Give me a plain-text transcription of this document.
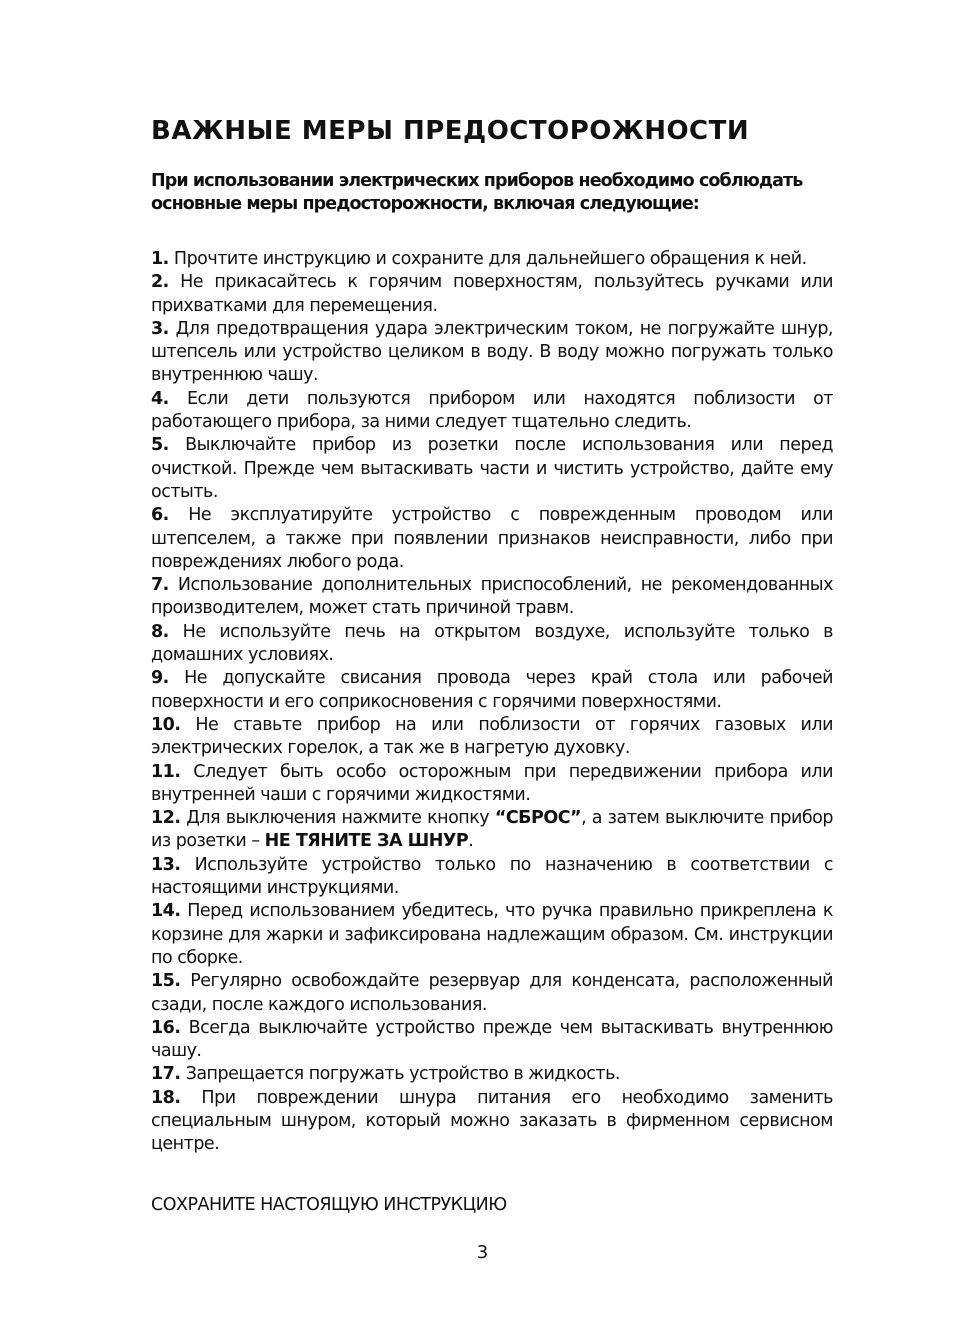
ВАЖНЫЕ МЕРЫ ПРЕДОСТОРОЖНОСТИ

При использовании электрических приборов необходимо соблюдать основные меры предосторожности, включая следующие:

1. Прочтите инструкцию и сохраните для дальнейшего обращения к ней.

2. Не прикасайтесь к горячим поверхностям, пользуйтесь ручками или прихватками для перемещения.

3. Для предотвращения удара электрическим током, не погружайте шнур, штепсель или устройство целиком в воду. В воду можно погружать только внутреннюю чашу.

4. Если дети пользуются прибором или находятся поблизости от работающего прибора, за ними следует тщательно следить.

5. Выключайте прибор из розетки после использования или перед очисткой. Прежде чем вытаскивать части и чистить устройство, дайте ему остыть.

6. Не эксплуатируйте устройство с поврежденным проводом или штепселем, а также при появлении признаков неисправности, либо при повреждениях любого рода.

7. Использование дополнительных приспособлений, не рекомендованных производителем, может стать причиной травм.

8. Не используйте печь на открытом воздухе, используйте только в домашних условиях.

9. Не допускайте свисания провода через край стола или рабочей поверхности и его соприкосновения с горячими поверхностями.

10. Не ставьте прибор на или поблизости от горячих газовых или электрических горелок, а так же в нагретую духовку.

11. Следует быть особо осторожным при передвижении прибора или внутренней чаши с горячими жидкостями.

12. Для выключения нажмите кнопку “СБРОС”, а затем выключите прибор из розетки – НЕ ТЯНИТЕ ЗА ШНУР.

13. Используйте устройство только по назначению в соответствии с настоящими инструкциями.

14. Перед использованием убедитесь, что ручка правильно прикреплена к корзине для жарки и зафиксирована надлежащим образом. См. инструкции по сборке.

15. Регулярно освобождайте резервуар для конденсата, расположенный сзади, после каждого использования.

16. Всегда выключайте устройство прежде чем вытаскивать внутреннюю чашу.

17. Запрещается погружать устройство в жидкость.

18. При повреждении шнура питания его необходимо заменить специальным шнуром, который можно заказать в фирменном сервисном центре.

СОХРАНИТЕ НАСТОЯЩУЮ ИНСТРУКЦИЮ

3
